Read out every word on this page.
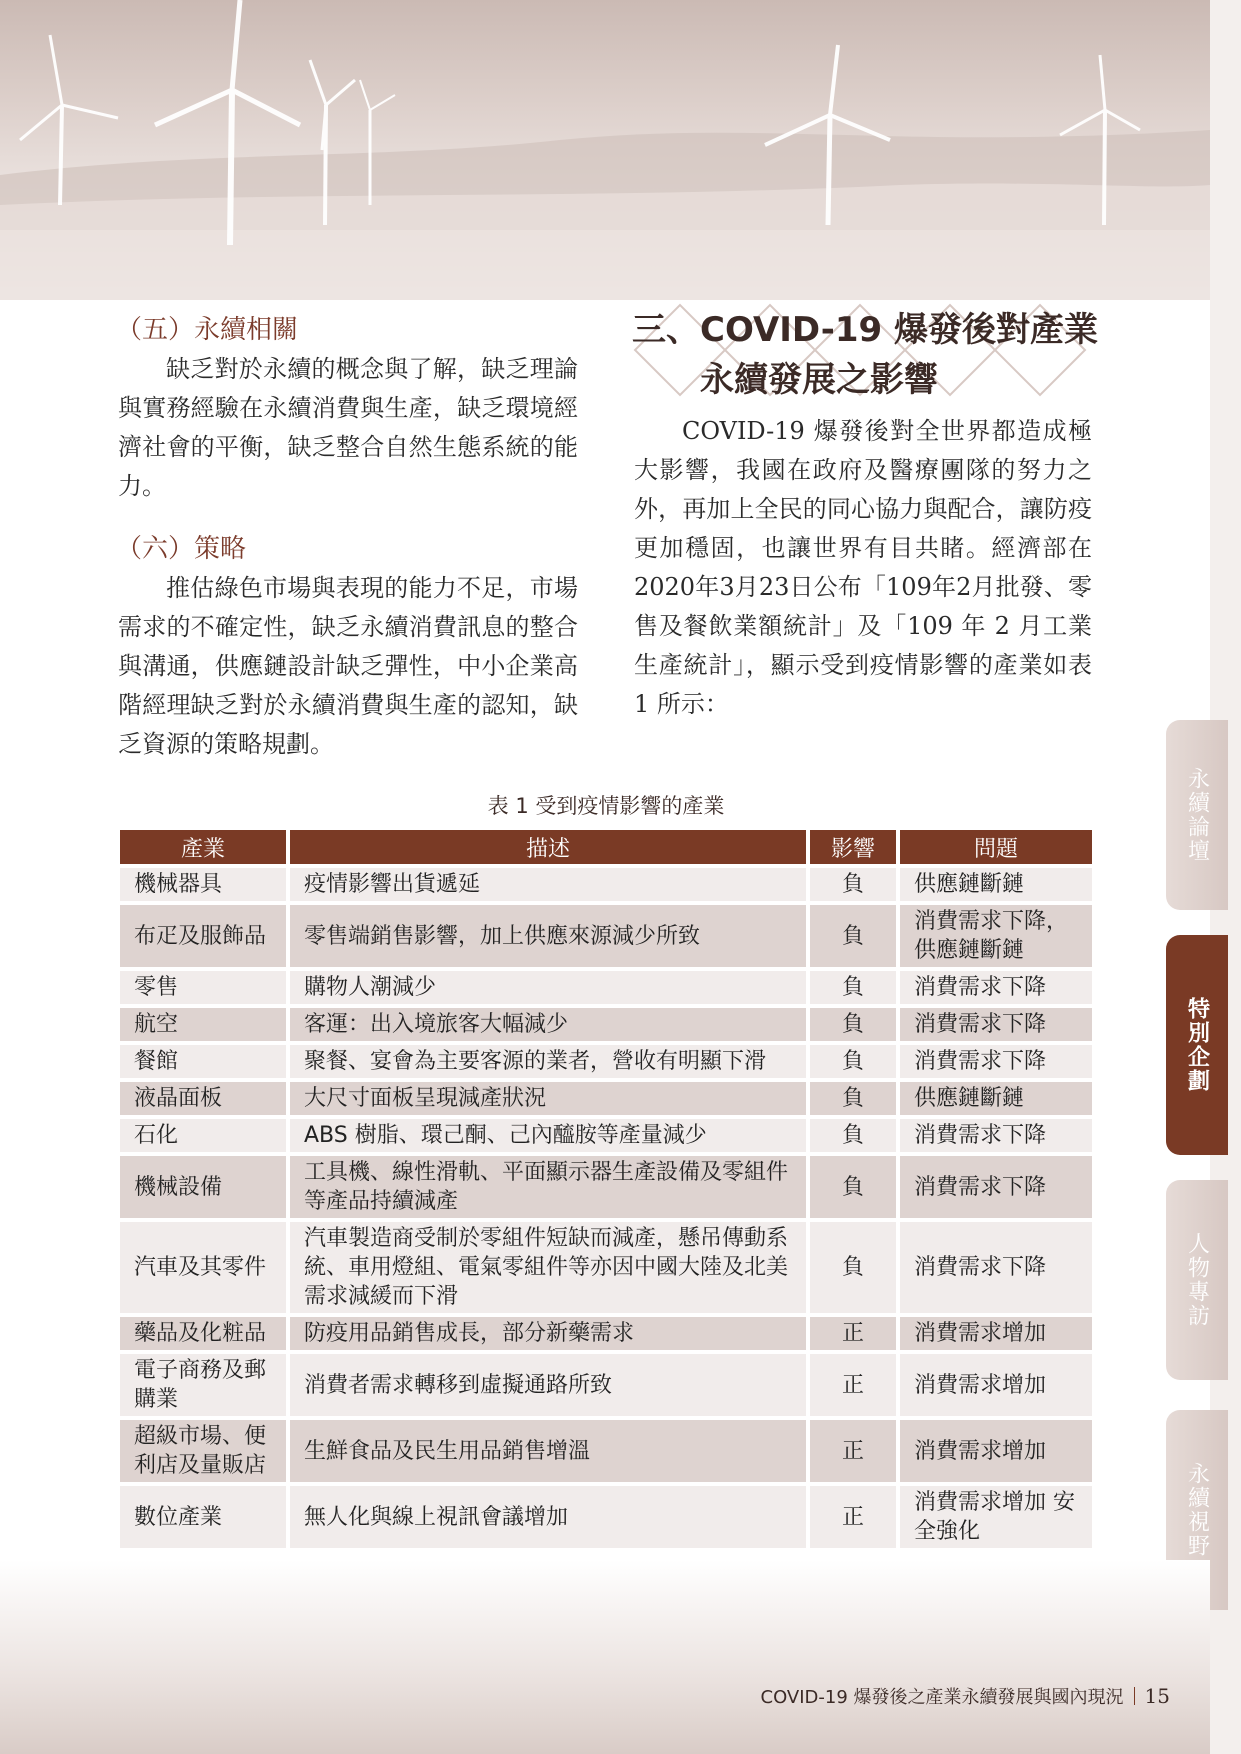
（五）永續相關

缺乏對於永續的概念與了解，缺乏理論與實務經驗在永續消費與生產，缺乏環境經濟社會的平衡，缺乏整合自然生態系統的能力。

（六）策略

推估綠色市場與表現的能力不足，市場需求的不確定性，缺乏永續消費訊息的整合與溝通，供應鏈設計缺乏彈性，中小企業高階經理缺乏對於永續消費與生產的認知，缺乏資源的策略規劃。

三、COVID-19 爆發後對產業
永續發展之影響

COVID-19 爆發後對全世界都造成極大影響，我國在政府及醫療團隊的努力之外，再加上全民的同心協力與配合，讓防疫更加穩固，也讓世界有目共睹。經濟部在2020年3月23日公布「109年2月批發、零售及餐飲業額統計」及「109 年 2 月工業生產統計」，顯示受到疫情影響的產業如表 1 所示：

表 1 受到疫情影響的產業
產業	描述	影響	問題
機械器具	疫情影響出貨遞延	負	供應鏈斷鏈
布疋及服飾品	零售端銷售影響，加上供應來源減少所致	負	消費需求下降，供應鏈斷鏈
零售	購物人潮減少	負	消費需求下降
航空	客運：出入境旅客大幅減少	負	消費需求下降
餐館	聚餐、宴會為主要客源的業者，營收有明顯下滑	負	消費需求下降
液晶面板	大尺寸面板呈現減產狀況	負	供應鏈斷鏈
石化	ABS 樹脂、環己酮、己內醯胺等產量減少	負	消費需求下降
機械設備	工具機、線性滑軌、平面顯示器生產設備及零組件等產品持續減產	負	消費需求下降
汽車及其零件	汽車製造商受制於零組件短缺而減產，懸吊傳動系統、車用燈組、電氣零組件等亦因中國大陸及北美需求減緩而下滑	負	消費需求下降
藥品及化粧品	防疫用品銷售成長，部分新藥需求	正	消費需求增加
電子商務及郵購業	消費者需求轉移到虛擬通路所致	正	消費需求增加
超級市場、便利店及量販店	生鮮食品及民生用品銷售增溫	正	消費需求增加
數位產業	無人化與線上視訊會議增加	正	消費需求增加 安全強化
永續論壇
特別企劃
人物專訪
永續視野
COVID-19 爆發後之產業永續發展與國內現況 15
